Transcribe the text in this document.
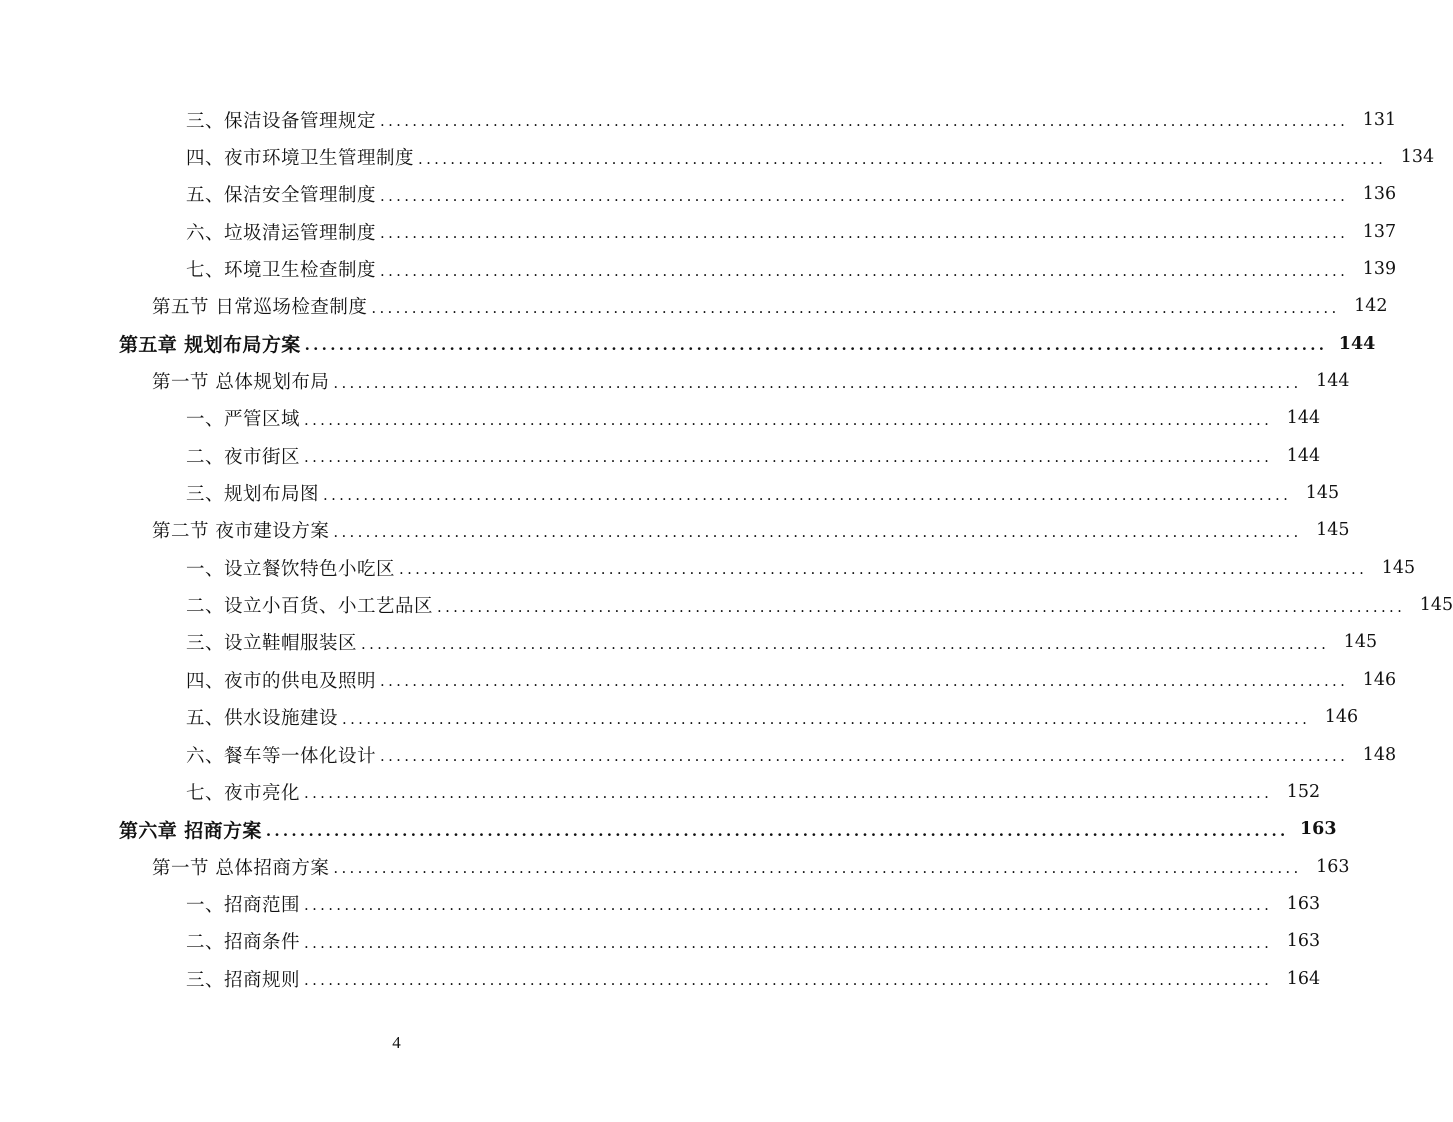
三、保洁设备管理规定 ........................................................................................................................ 131
四、夜市环境卫生管理制度 ........................................................................................................................ 134
五、保洁安全管理制度 ........................................................................................................................ 136
六、垃圾清运管理制度 ........................................................................................................................ 137
七、环境卫生检查制度 ........................................................................................................................ 139
第五节 日常巡场检查制度 ........................................................................................................................ 142
第五章 规划布局方案 ........................................................................................................................ 144
第一节 总体规划布局 ........................................................................................................................ 144
一、严管区域 ........................................................................................................................ 144
二、夜市街区 ........................................................................................................................ 144
三、规划布局图 ........................................................................................................................ 145
第二节 夜市建设方案 ........................................................................................................................ 145
一、设立餐饮特色小吃区 ........................................................................................................................ 145
二、设立小百货、小工艺品区 ........................................................................................................................ 145
三、设立鞋帽服装区 ........................................................................................................................ 145
四、夜市的供电及照明 ........................................................................................................................ 146
五、供水设施建设 ........................................................................................................................ 146
六、餐车等一体化设计 ........................................................................................................................ 148
七、夜市亮化 ........................................................................................................................ 152
第六章 招商方案 ........................................................................................................................ 163
第一节 总体招商方案 ........................................................................................................................ 163
一、招商范围 ........................................................................................................................ 163
二、招商条件 ........................................................................................................................ 163
三、招商规则 ........................................................................................................................ 164
4
